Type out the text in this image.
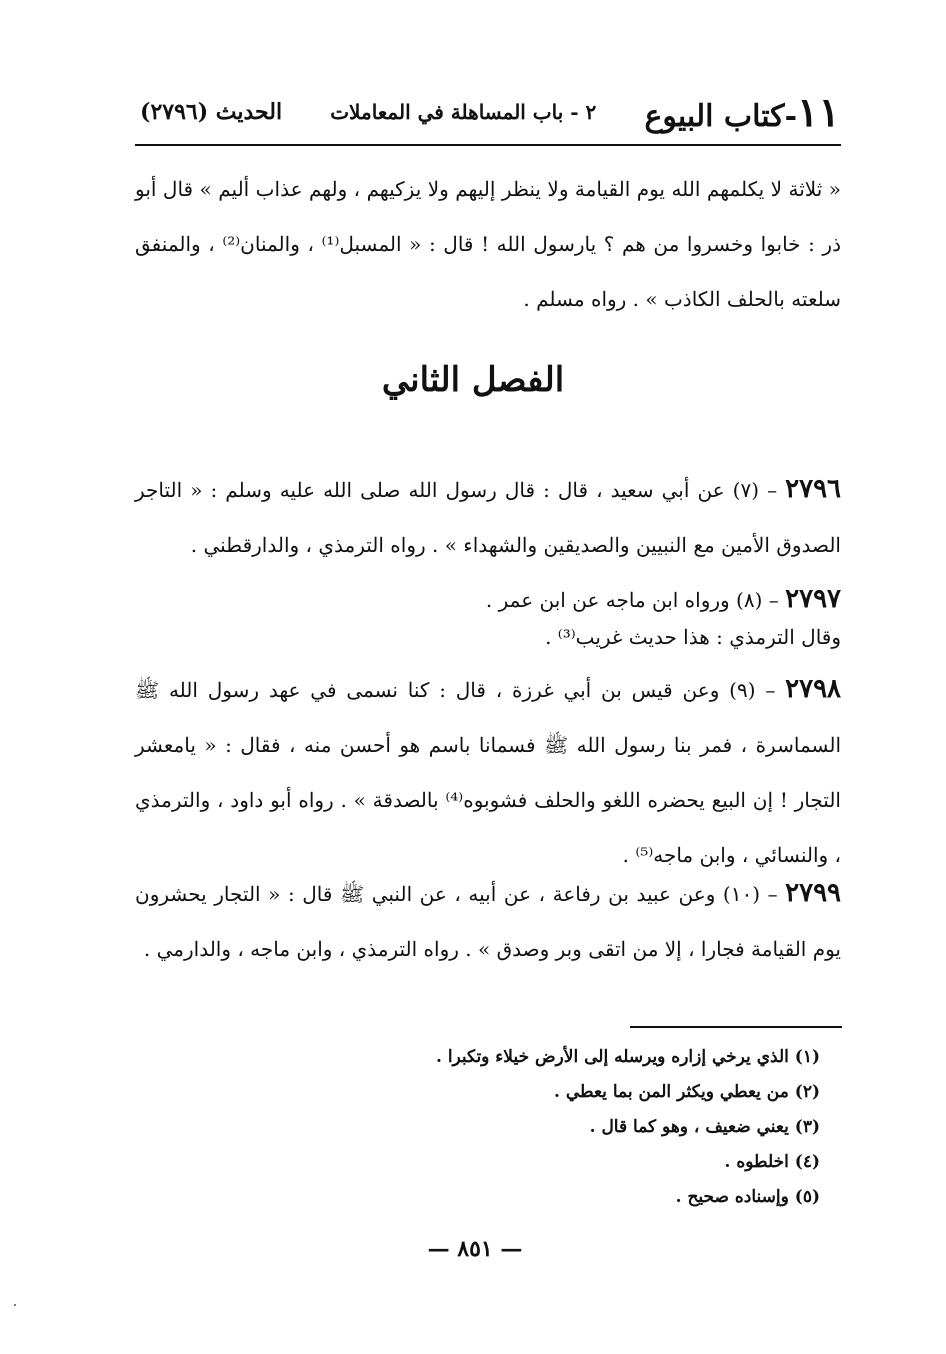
١١-كتاب البيوع
٢ - باب المساهلة في المعاملات
الحديث (٢٧٩٦)
« ثلاثة لا يكلمهم الله يوم القيامة ولا ينظر إليهم ولا يزكيهم ، ولهم عذاب أليم » قال أبو ذر : خابوا وخسروا من هم ؟ يارسول الله ! قال : « المسبل⁽¹⁾ ، والمنان⁽²⁾ ، والمنفق سلعته بالحلف الكاذب » . رواه مسلم .
الفصل الثاني
٢٧٩٦ – (٧) عن أبي سعيد ، قال : قال رسول الله صلى الله عليه وسلم : « التاجر الصدوق الأمين مع النبيين والصديقين والشهداء » . رواه الترمذي ، والدارقطني .
٢٧٩٧ – (٨) ورواه ابن ماجه عن ابن عمر .
وقال الترمذي : هذا حديث غريب⁽³⁾ .
٢٧٩٨ – (٩) وعن قيس بن أبي غرزة ، قال : كنا نسمى في عهد رسول الله ﷺ السماسرة ، فمر بنا رسول الله ﷺ فسمانا باسم هو أحسن منه ، فقال : « يامعشر التجار ! إن البيع يحضره اللغو والحلف فشوبوه⁽⁴⁾ بالصدقة » . رواه أبو داود ، والترمذي ، والنسائي ، وابن ماجه⁽⁵⁾ .
٢٧٩٩ – (١٠) وعن عبيد بن رفاعة ، عن أبيه ، عن النبي ﷺ قال : « التجار يحشرون يوم القيامة فجارا ، إلا من اتقى وبر وصدق » . رواه الترمذي ، وابن ماجه ، والدارمي .
(١) الذي يرخي إزاره ويرسله إلى الأرض خيلاء وتكبرا .
(٢) من يعطي ويكثر المن بما يعطي .
(٣) يعني ضعيف ، وهو كما قال .
(٤) اخلطوه .
(٥) وإسناده صحيح .
— ٨٥١ —
